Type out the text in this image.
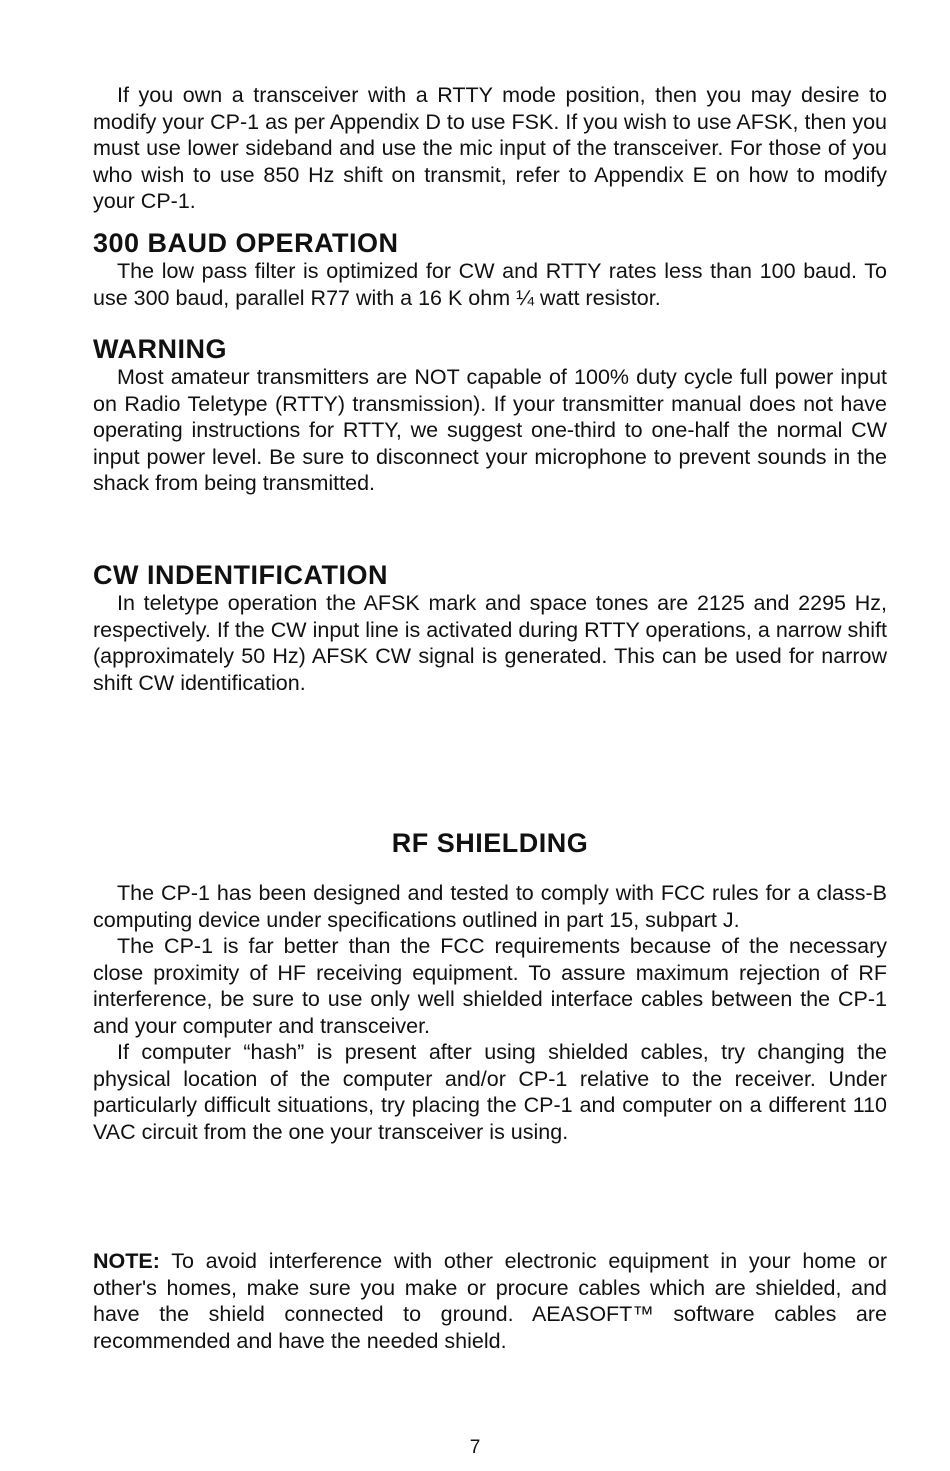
If you own a transceiver with a RTTY mode position, then you may desire to modify your CP-1 as per Appendix D to use FSK. If you wish to use AFSK, then you must use lower sideband and use the mic input of the transceiver. For those of you who wish to use 850 Hz shift on transmit, refer to Appendix E on how to modify your CP-1.

300 BAUD OPERATION

The low pass filter is optimized for CW and RTTY rates less than 100 baud. To use 300 baud, parallel R77 with a 16 K ohm ¼ watt resistor.

WARNING

Most amateur transmitters are NOT capable of 100% duty cycle full power input on Radio Teletype (RTTY) transmission). If your transmitter manual does not have operating instructions for RTTY, we suggest one-third to one-half the normal CW input power level. Be sure to disconnect your microphone to prevent sounds in the shack from being transmitted.

CW INDENTIFICATION

In teletype operation the AFSK mark and space tones are 2125 and 2295 Hz, respectively. If the CW input line is activated during RTTY operations, a narrow shift (approximately 50 Hz) AFSK CW signal is generated. This can be used for narrow shift CW identification.

RF SHIELDING

The CP-1 has been designed and tested to comply with FCC rules for a class-B computing device under specifications outlined in part 15, subpart J.

The CP-1 is far better than the FCC requirements because of the necessary close proximity of HF receiving equipment. To assure maximum rejection of RF interference, be sure to use only well shielded interface cables between the CP-1 and your computer and transceiver.

If computer “hash” is present after using shielded cables, try changing the physical location of the computer and/or CP-1 relative to the receiver. Under particularly difficult situations, try placing the CP-1 and computer on a different 110 VAC circuit from the one your transceiver is using.

NOTE: To avoid interference with other electronic equipment in your home or other's homes, make sure you make or procure cables which are shielded, and have the shield connected to ground. AEASOFT™ software cables are recommended and have the needed shield.

7
